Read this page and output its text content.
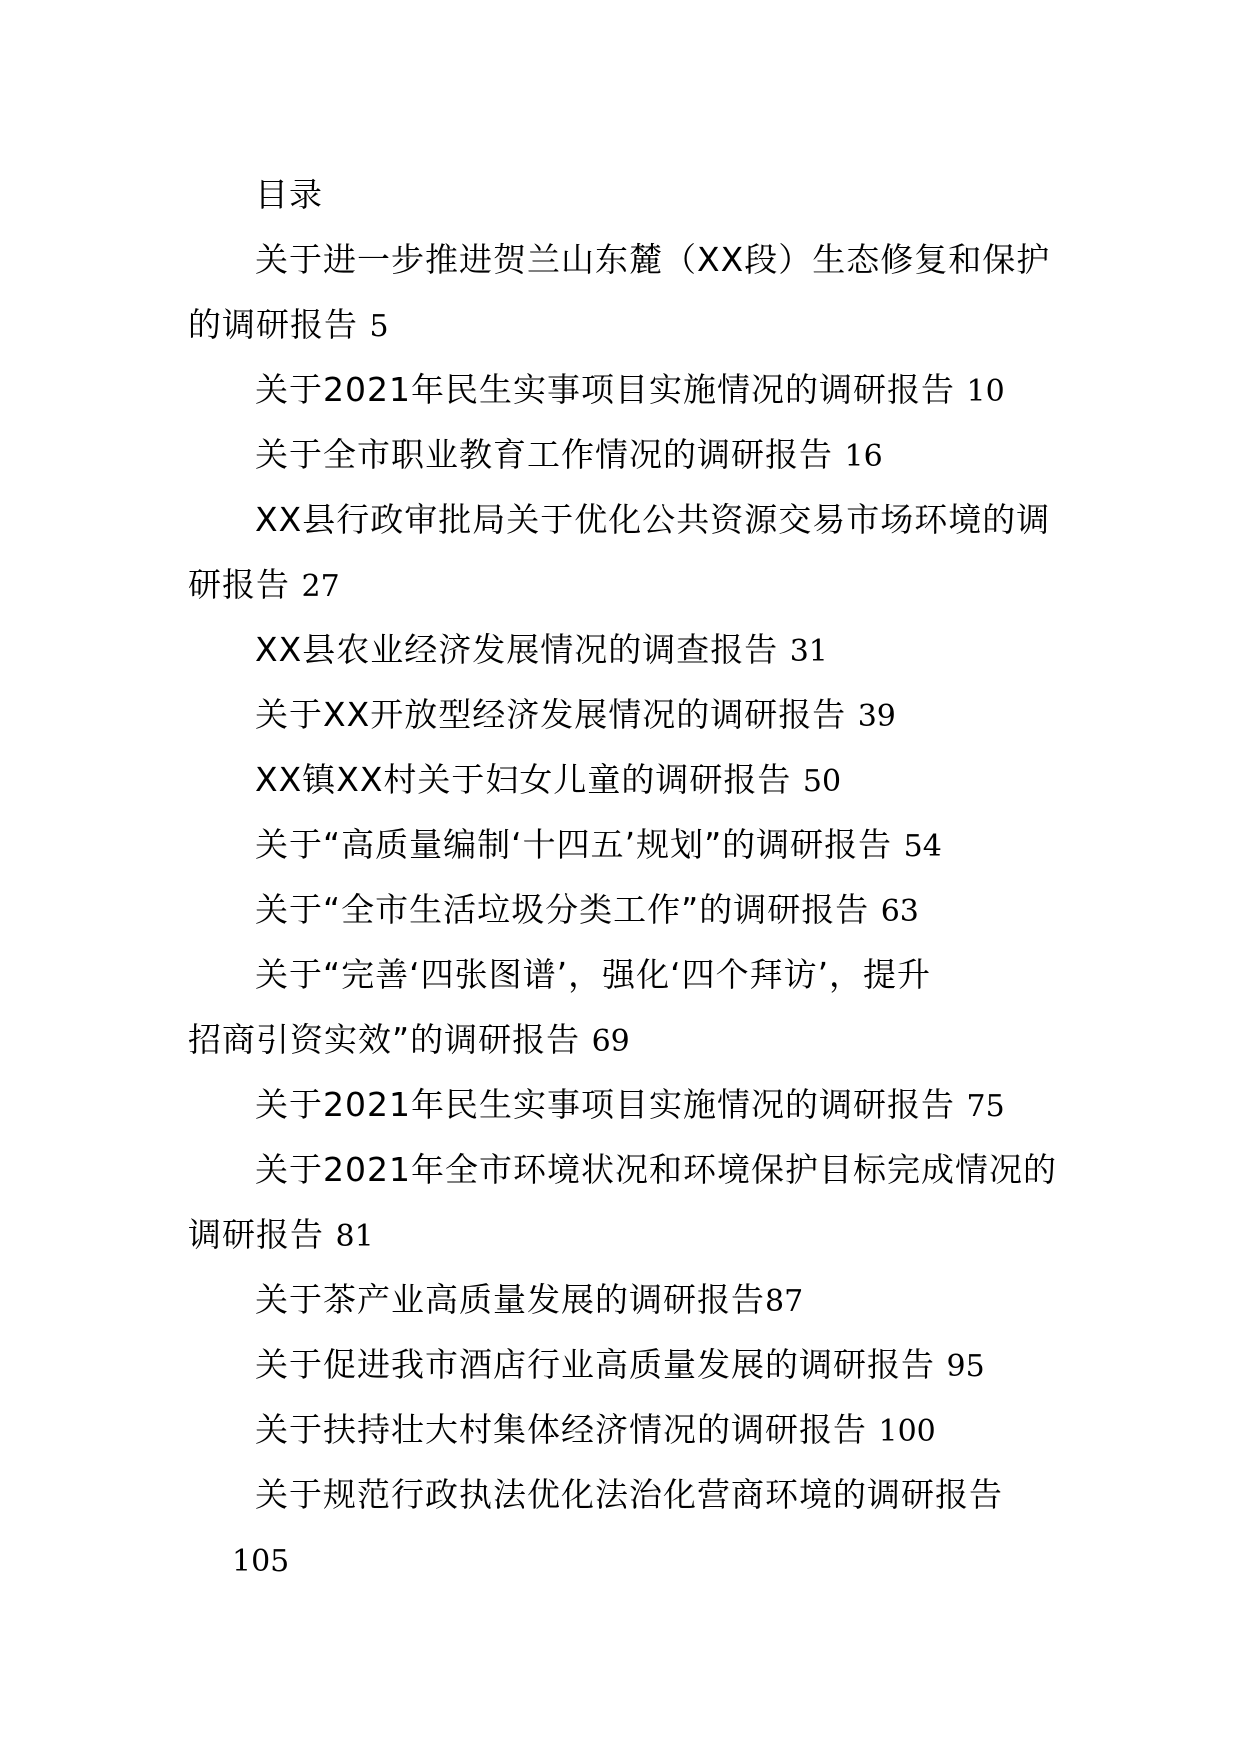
目录
关于进一步推进贺兰山东麓（XX段）生态修复和保护
的调研报告 5
关于2021年民生实事项目实施情况的调研报告 10
关于全市职业教育工作情况的调研报告 16
XX县行政审批局关于优化公共资源交易市场环境的调
研报告 27
XX县农业经济发展情况的调查报告 31
关于XX开放型经济发展情况的调研报告 39
XX镇XX村关于妇女儿童的调研报告 50
关于“高质量编制‘十四五’规划”的调研报告 54
关于“全市生活垃圾分类工作”的调研报告 63
关于“完善‘四张图谱’，强化‘四个拜访’，提升
招商引资实效”的调研报告 69
关于2021年民生实事项目实施情况的调研报告 75
关于2021年全市环境状况和环境保护目标完成情况的
调研报告 81
关于茶产业高质量发展的调研报告87
关于促进我市酒店行业高质量发展的调研报告 95
关于扶持壮大村集体经济情况的调研报告 100
关于规范行政执法优化法治化营商环境的调研报告
105
